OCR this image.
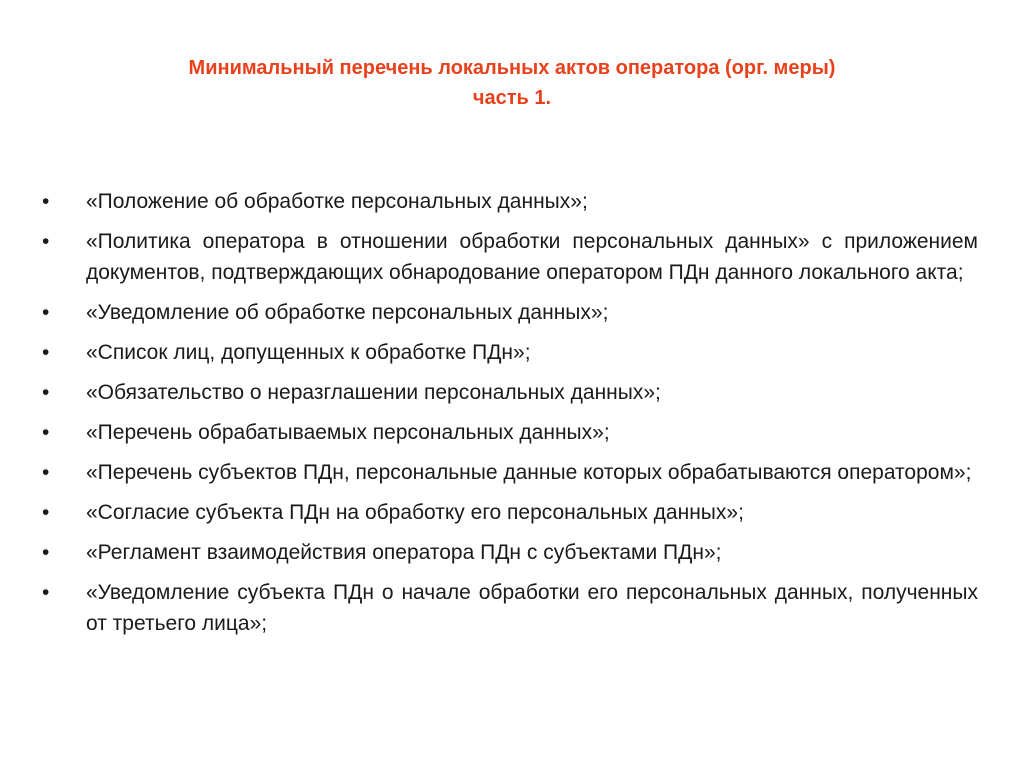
Минимальный перечень локальных актов оператора (орг. меры)
часть 1.
•	«Положение об обработке персональных данных»;
•	«Политика оператора в отношении обработки персональных данных» с приложением документов, подтверждающих обнародование оператором ПДн данного локального акта;
•	«Уведомление об обработке персональных данных»;
•	«Список лиц, допущенных к обработке ПДн»;
•	«Обязательство о неразглашении персональных данных»;
•	«Перечень обрабатываемых персональных данных»;
•	«Перечень субъектов ПДн, персональные данные которых обрабатываются оператором»;
•	«Согласие субъекта ПДн на обработку его персональных данных»;
•	«Регламент взаимодействия оператора ПДн с субъектами ПДн»;
•	«Уведомление субъекта ПДн о начале обработки его персональных данных, полученных от третьего лица»;
